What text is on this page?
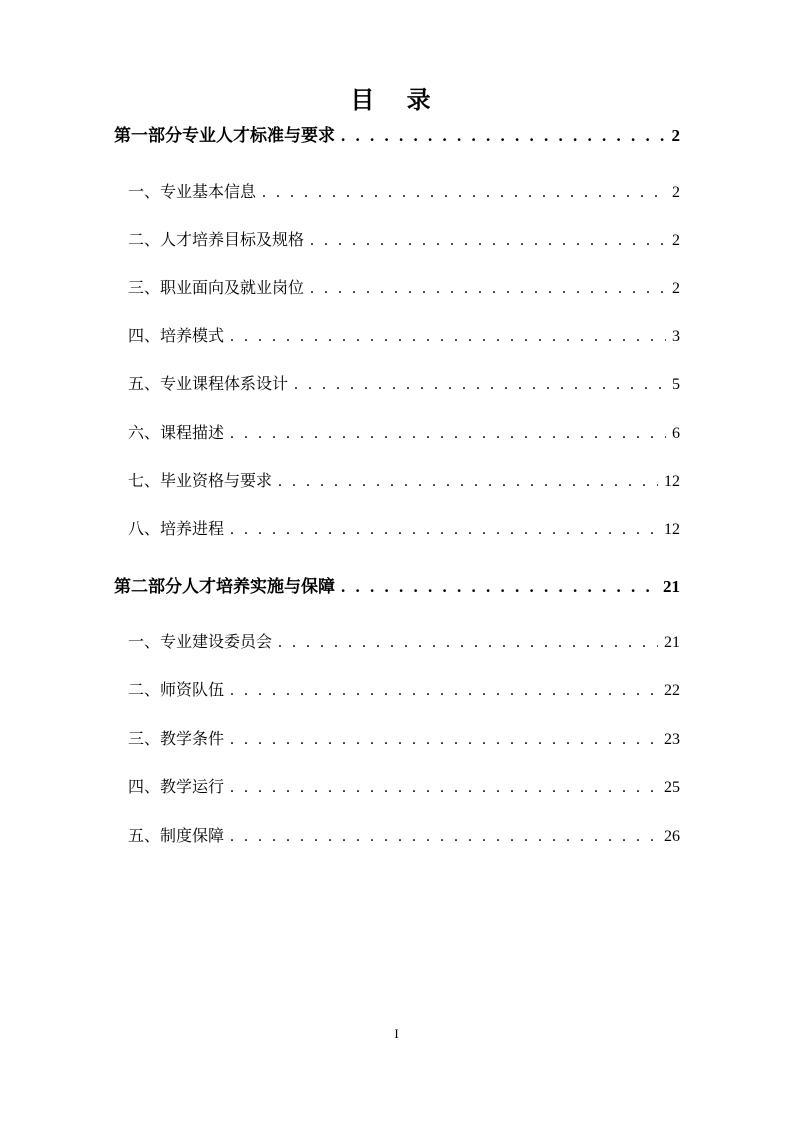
目 录
第一部分专业人才标准与要求 . . .	2
一、专业基本信息 . . .	2
二、人才培养目标及规格 . . .	2
三、职业面向及就业岗位 . . .	2
四、培养模式 . . .	3
五、专业课程体系设计 . . .	5
六、课程描述 . . .	6
七、毕业资格与要求 . . .	12
八、培养进程 . . .	12
第二部分人才培养实施与保障 . . .	21
一、专业建设委员会 . . .	21
二、师资队伍 . . .	22
三、教学条件 . . .	23
四、教学运行 . . .	25
五、制度保障 . . .	26
I
